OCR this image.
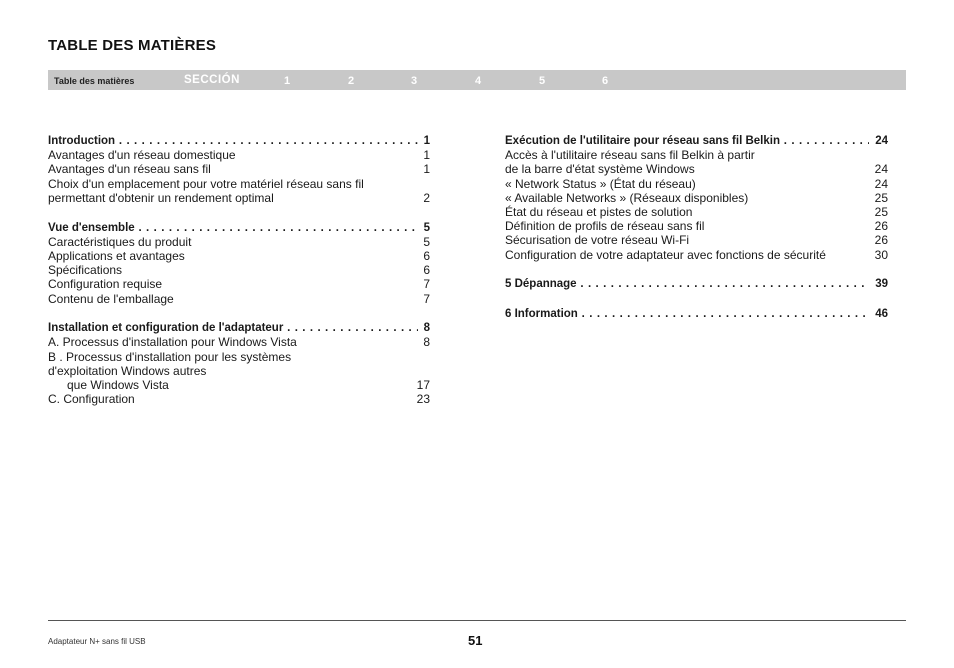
TABLE DES MATIÈRES
Table des matières	SECCIÓN	1	2	3	4	5	6
Introduction . . .	1
Avantages d'un réseau domestique	1
Avantages d'un réseau sans fil	1
Choix d'un emplacement pour votre matériel réseau sans fil
permettant d'obtenir un rendement optimal	2
Vue d'ensemble . . .	5
Caractéristiques du produit	5
Applications et avantages	6
Spécifications	6
Configuration requise	7
Contenu de l'emballage	7
Installation et configuration de l'adaptateur . . .	8
A. Processus d'installation pour Windows Vista	8
B . Processus d'installation pour les systèmes
d'exploitation Windows autres
que Windows Vista	17
C. Configuration	23
Exécution de l'utilitaire pour réseau sans fil Belkin . . .	24
Accès à l'utilitaire réseau sans fil Belkin à partir
de la barre d'état système Windows	24
« Network Status » (État du réseau)	24
« Available Networks » (Réseaux disponibles)	25
État du réseau et pistes de solution	25
Définition de profils de réseau sans fil	26
Sécurisation de votre réseau Wi-Fi	26
Configuration de votre adaptateur avec fonctions de sécurité	30
5 Dépannage . . .	39
6 Information . . .	46
Adaptateur N+ sans fil USB	51
